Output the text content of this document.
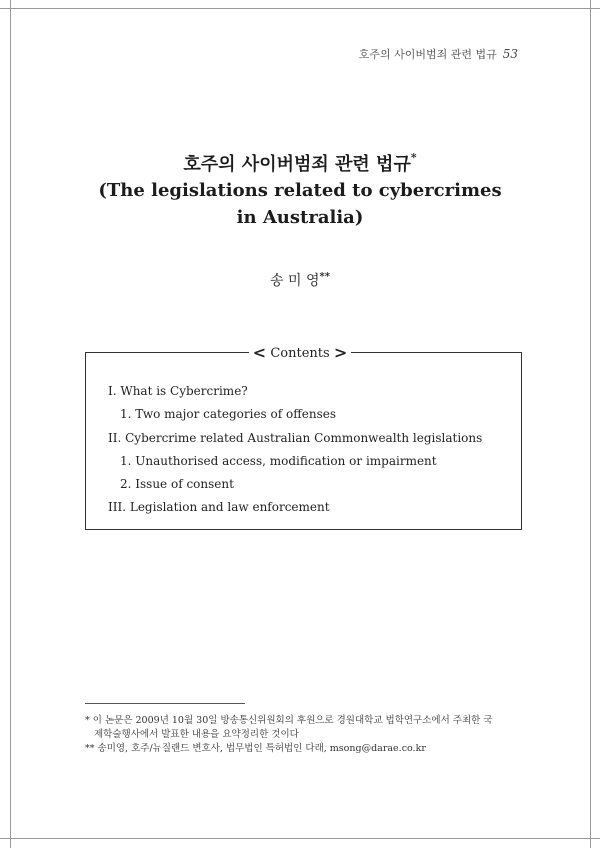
호주의 사이버범죄 관련 법규 53
호주의 사이버범죄 관련 법규*
(The legislations related to cybercrimes
in Australia)
송 미 영**
< Contents >
I. What is Cybercrime?
1. Two major categories of offenses
II. Cybercrime related Australian Commonwealth legislations
1. Unauthorised access, modification or impairment
2. Issue of consent
III. Legislation and law enforcement
* 이 논문은 2009년 10월 30일 방송통신위원회의 후원으로 경원대학교 법학연구소에서 주최한 국
제학술행사에서 발표한 내용을 요약정리한 것이다
** 송미영, 호주/뉴질랜드 변호사, 법무법인 특허법인 다래, msong@darae.co.kr
